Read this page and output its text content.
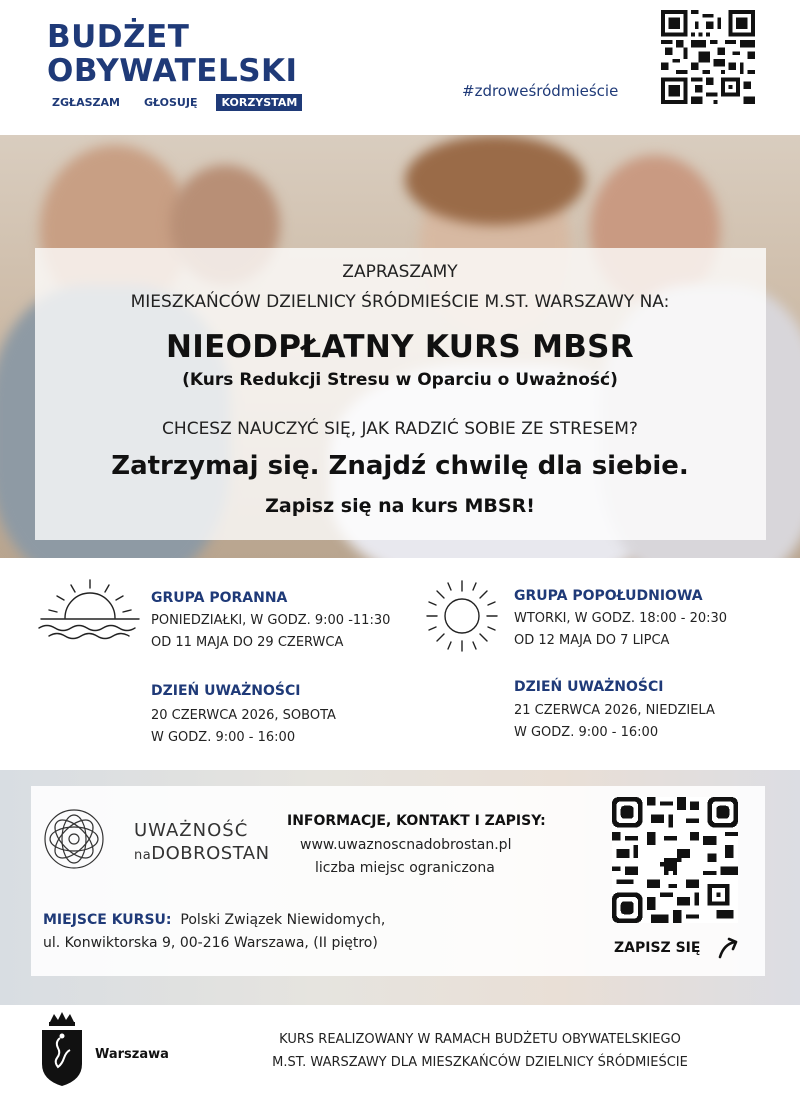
BUDŻET
OBYWATELSKI
ZGŁASZAM	GŁOSUJĘ	KORZYSTAM
#zdroweśródmieście
ZAPRASZAMY
MIESZKAŃCÓW DZIELNICY ŚRÓDMIEŚCIE M.ST. WARSZAWY NA:
NIEODPŁATNY KURS MBSR
(Kurs Redukcji Stresu w Oparciu o Uważność)
CHCESZ NAUCZYĆ SIĘ, JAK RADZIĆ SOBIE ZE STRESEM?
Zatrzymaj się. Znajdź chwilę dla siebie.
Zapisz się na kurs MBSR!
GRUPA PORANNA
PONIEDZIAŁKI, W GODZ. 9:00 -11:30
OD 11 MAJA DO 29 CZERWCA
GRUPA POPOŁUDNIOWA
WTORKI, W GODZ. 18:00 - 20:30
OD 12 MAJA DO 7 LIPCA
DZIEŃ UWAŻNOŚCI
20 CZERWCA 2026, SOBOTA
W GODZ. 9:00 - 16:00
DZIEŃ UWAŻNOŚCI
21 CZERWCA 2026, NIEDZIELA
W GODZ. 9:00 - 16:00
UWAŻNOŚĆ
naDOBROSTAN
INFORMACJE, KONTAKT I ZAPISY:
www.uwaznoscnadobrostan.pl
liczba miejsc ograniczona
MIEJSCE KURSU: Polski Związek Niewidomych,
ul. Konwiktorska 9, 00-216 Warszawa, (II piętro)	ZAPISZ SIĘ
Warszawa
KURS REALIZOWANY W RAMACH BUDŻETU OBYWATELSKIEGO
M.ST. WARSZAWY DLA MIESZKAŃCÓW DZIELNICY ŚRÓDMIEŚCIE
